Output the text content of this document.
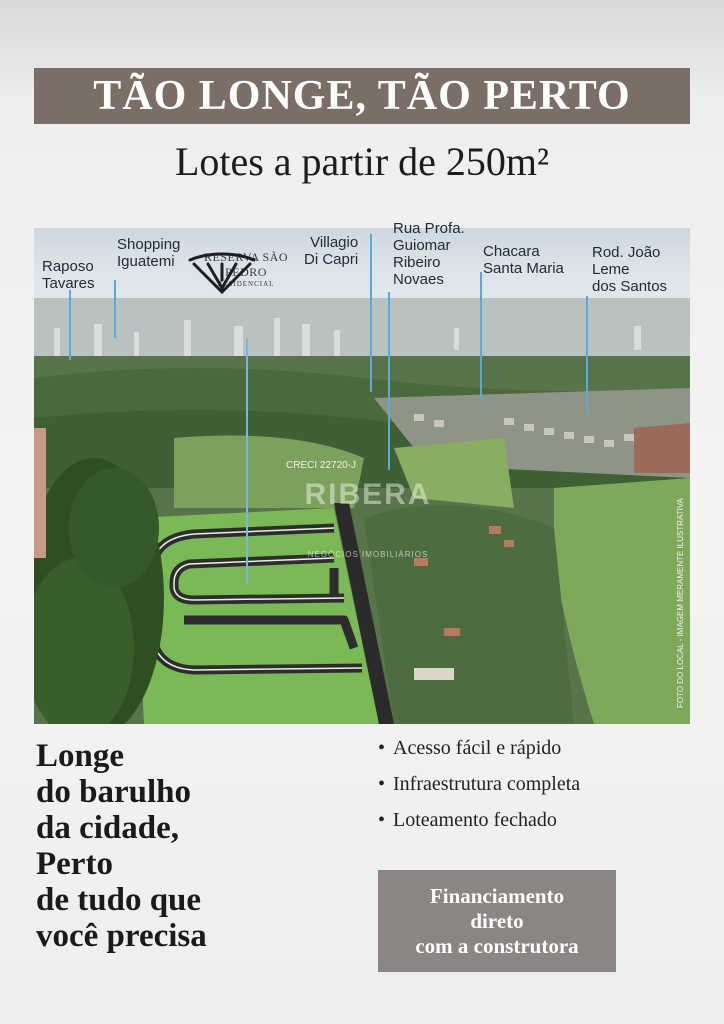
TÃO LONGE, TÃO PERTO
Lotes a partir de 250m²
RESERVA SÃO PEDRO
RESIDENCIAL
CRECI 22720-J
RIBERA
NEGÓCIOS IMOBILIÁRIOS	FOTO DO LOCAL - IMAGEM MERAMENTE ILUSTRATIVA
Raposo
Tavares
Shopping
Iguatemi
Villagio
Di Capri
Rua Profa.
Guiomar
Ribeiro
Novaes
Chacara
Santa Maria
Rod. João
Leme
dos Santos
Longe
do barulho
da cidade,
Perto
de tudo que
você precisa
• Acesso fácil e rápido
• Infraestrutura completa
• Loteamento fechado
Financiamento
direto
com a construtora
